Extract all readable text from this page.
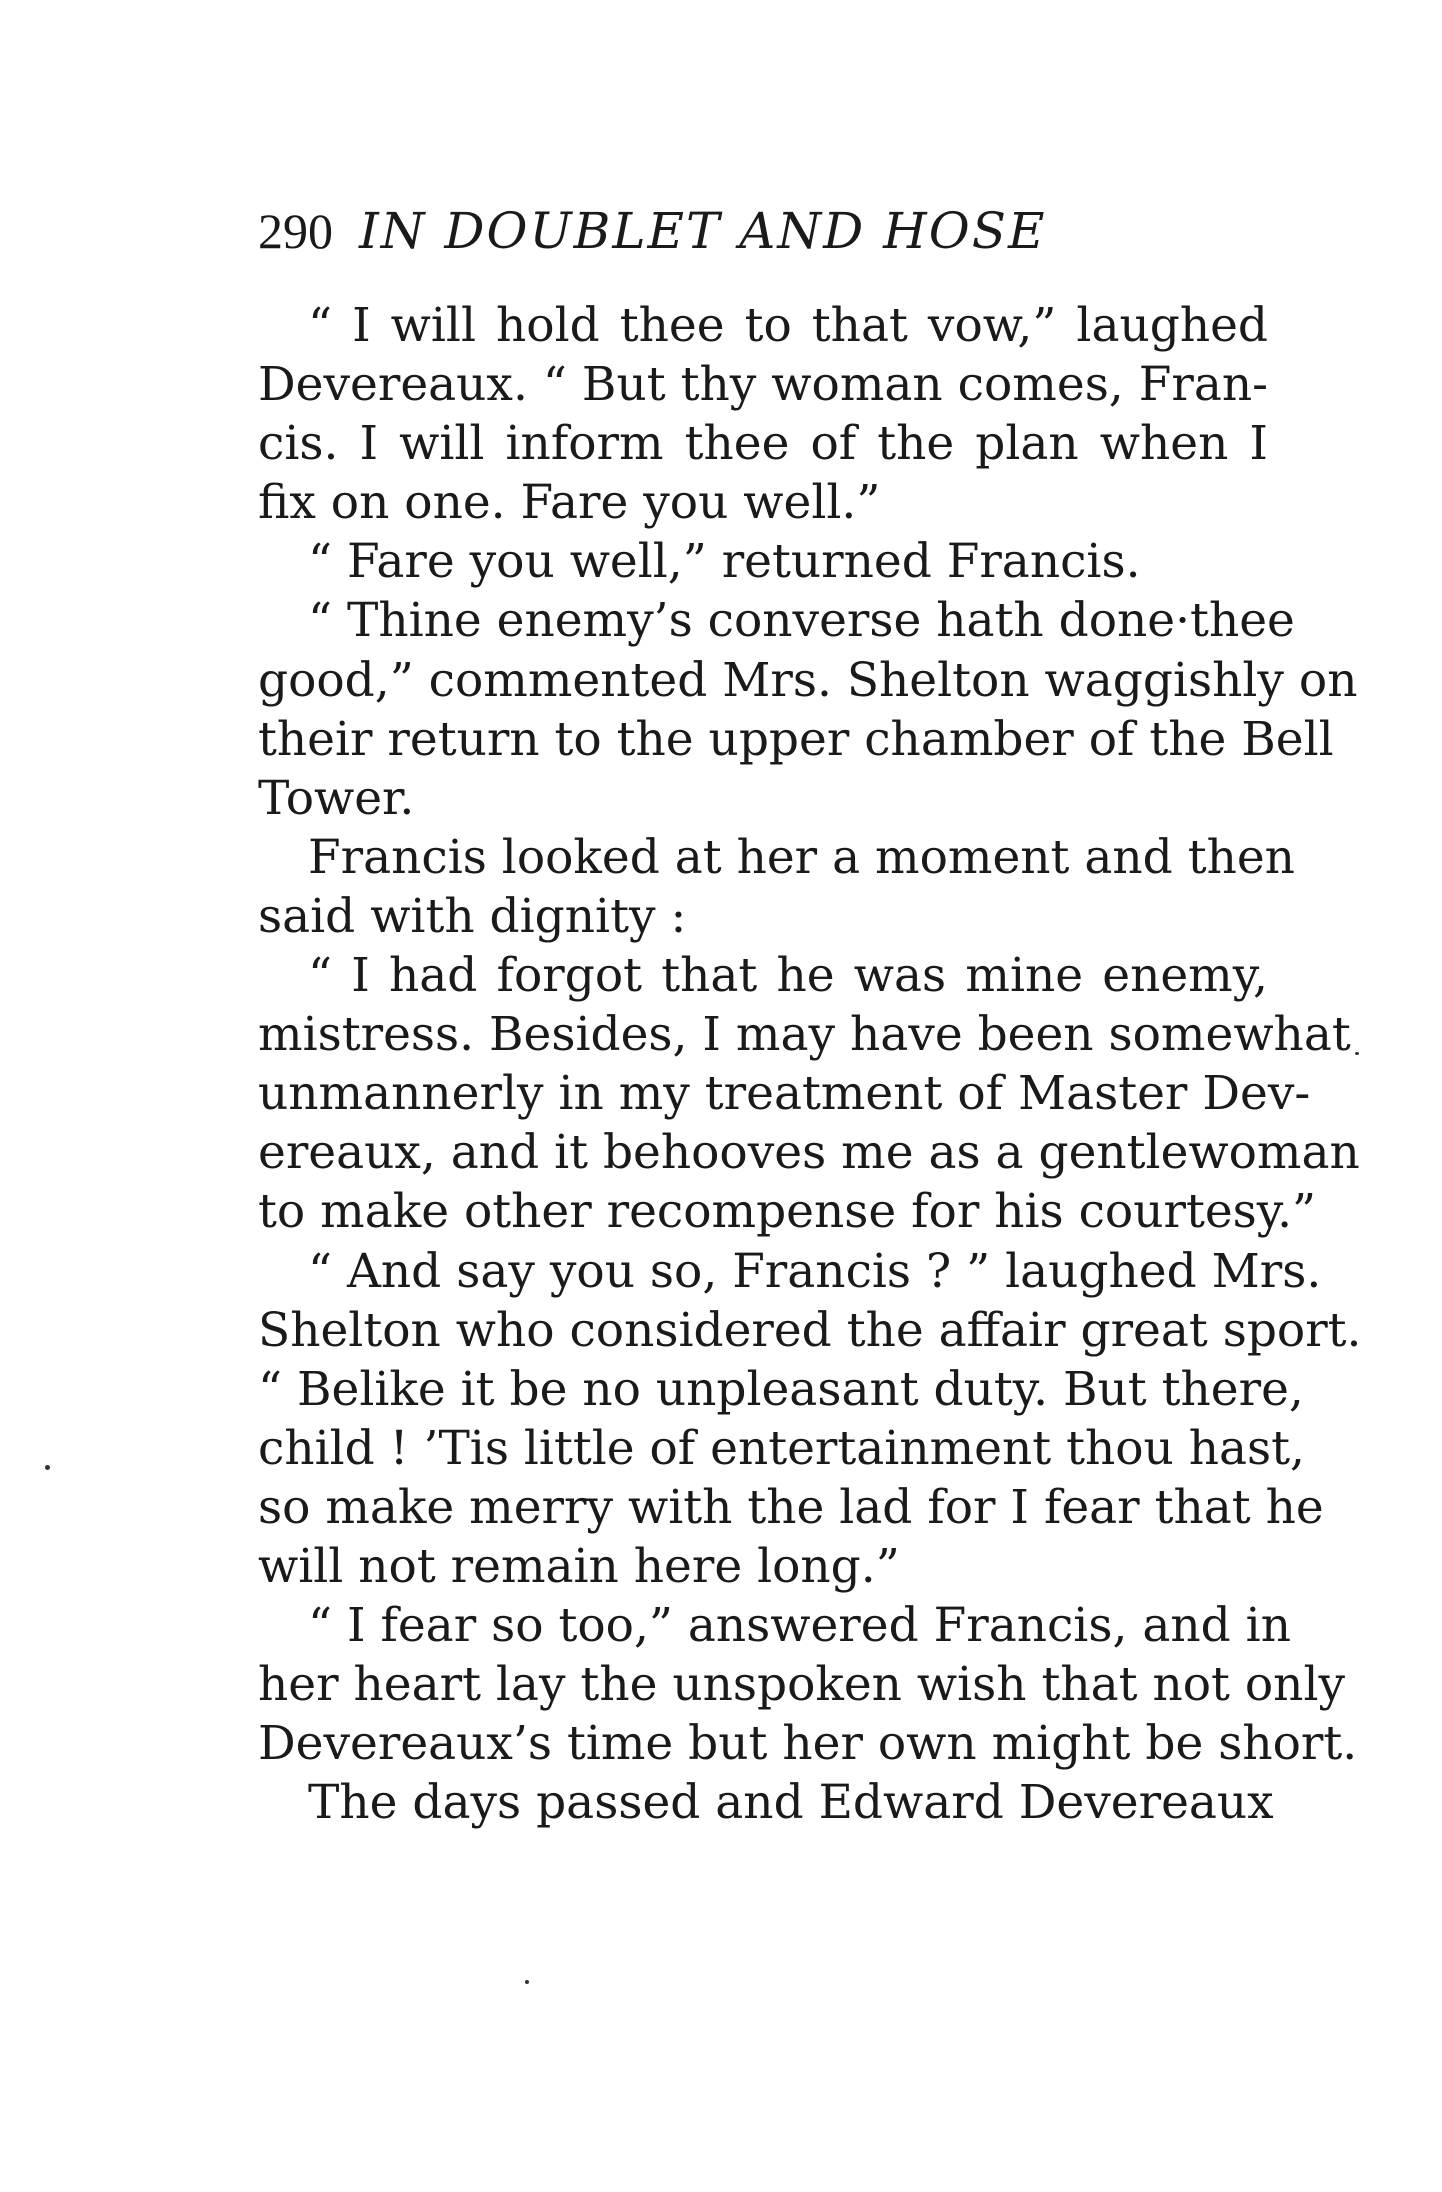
290 IN DOUBLET AND HOSE
“ I will hold thee to that vow,” laughed
Devereaux. “ But thy woman comes, Fran-
cis. I will inform thee of the plan when I
fix on one. Fare you well.”
“ Fare you well,” returned Francis.
“ Thine enemy’s converse hath done·thee
good,” commented Mrs. Shelton waggishly on
their return to the upper chamber of the Bell
Tower.
Francis looked at her a moment and then
said with dignity :
“ I had forgot that he was mine enemy,
mistress. Besides, I may have been somewhat
unmannerly in my treatment of Master Dev-
ereaux, and it behooves me as a gentlewoman
to make other recompense for his courtesy.”
“ And say you so, Francis ? ” laughed Mrs.
Shelton who considered the affair great sport.
“ Belike it be no unpleasant duty. But there,
child ! ’Tis little of entertainment thou hast,
so make merry with the lad for I fear that he
will not remain here long.”
“ I fear so too,” answered Francis, and in
her heart lay the unspoken wish that not only
Devereaux’s time but her own might be short.
The days passed and Edward Devereaux
